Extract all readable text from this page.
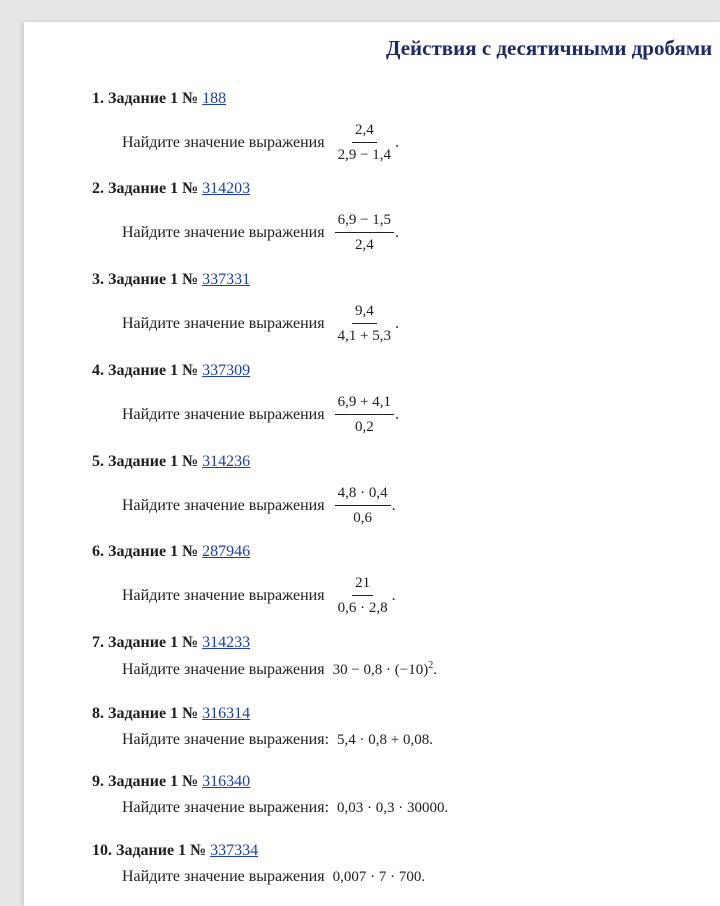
Действия с десятичными дробями
1. Задание 1 № 188
Найдите значение выражения $\frac{2,4}{2,9 - 1,4}$ .
2. Задание 1 № 314203
Найдите значение выражения $\frac{6,9 - 1,5}{2,4}$ .
3. Задание 1 № 337331
Найдите значение выражения $\frac{9,4}{4,1 + 5,3}$ .
4. Задание 1 № 337309
Найдите значение выражения $\frac{6,9 + 4,1}{0,2}$ .
5. Задание 1 № 314236
Найдите значение выражения $\frac{4,8 \cdot 0,4}{0,6}$ .
6. Задание 1 № 287946
Найдите значение выражения $\frac{21}{0,6 \cdot 2,8}$ .
7. Задание 1 № 314233
Найдите значение выражения $30 - 0,8 \cdot (-10)^2$.
8. Задание 1 № 316314
Найдите значение выражения: 5,4 · 0,8 + 0,08.
9. Задание 1 № 316340
Найдите значение выражения: 0,03 · 0,3 · 30000.
10. Задание 1 № 337334
Найдите значение выражения 0,007 · 7 · 700.
